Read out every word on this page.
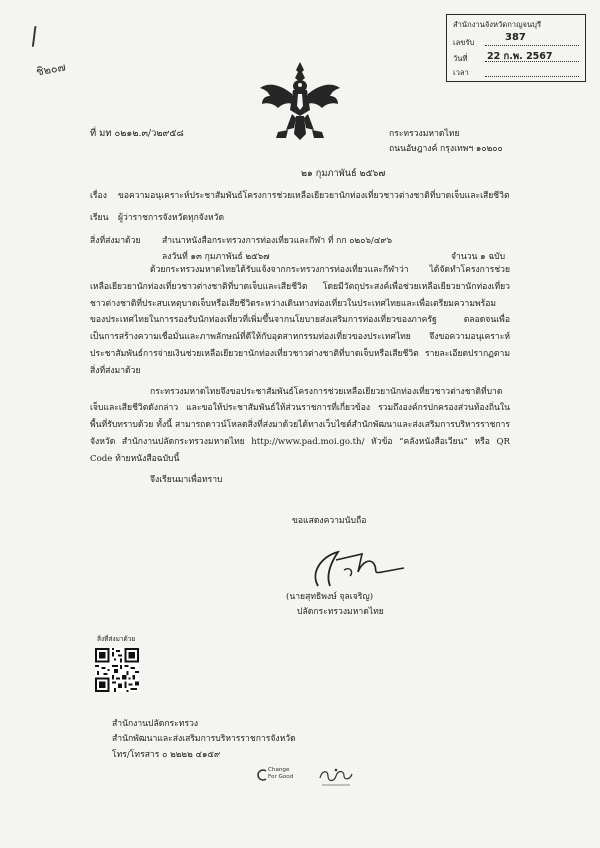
สำนักงานจังหวัดกาญจนบุรี
เลขรับ	387
วันที่ 22 ก.พ. 2567
เวลา
/
ชิ๒๐๗
ที่ มท ๐๒๑๒.๓/ว๒๙๕๘	กระทรวงมหาดไทย
ถนนอัษฎางค์ กรุงเทพฯ ๑๐๒๐๐
๒๑ กุมภาพันธ์ ๒๕๖๗
เรื่อง ขอความอนุเคราะห์ประชาสัมพันธ์โครงการช่วยเหลือเยียวยานักท่องเที่ยวชาวต่างชาติที่บาดเจ็บและเสียชีวิต
เรียน ผู้ว่าราชการจังหวัดทุกจังหวัด
สิ่งที่ส่งมาด้วย	สำเนาหนังสือกระทรวงการท่องเที่ยวและกีฬา ที่ กก ๐๒๐๖/๔๙๖
ลงวันที่ ๑๓ กุมภาพันธ์ ๒๕๖๗	จำนวน ๑ ฉบับ

ด้วยกระทรวงมหาดไทยได้รับแจ้งจากกระทรวงการท่องเที่ยวและกีฬาว่า ได้จัดทำโครงการช่วยเหลือเยียวยานักท่องเที่ยวชาวต่างชาติที่บาดเจ็บและเสียชีวิต โดยมีวัตถุประสงค์เพื่อช่วยเหลือเยียวยานักท่องเที่ยวชาวต่างชาติที่ประสบเหตุบาดเจ็บหรือเสียชีวิตระหว่างเดินทางท่องเที่ยวในประเทศไทยและเพื่อเตรียมความพร้อมของประเทศไทยในการรองรับนักท่องเที่ยวที่เพิ่มขึ้นจากนโยบายส่งเสริมการท่องเที่ยวของภาครัฐ ตลอดจนเพื่อเป็นการสร้างความเชื่อมั่นและภาพลักษณ์ที่ดีให้กับอุตสาหกรรมท่องเที่ยวของประเทศไทย จึงขอความอนุเคราะห์ประชาสัมพันธ์การจ่ายเงินช่วยเหลือเยียวยานักท่องเที่ยวชาวต่างชาติที่บาดเจ็บหรือเสียชีวิต รายละเอียดปรากฏตามสิ่งที่ส่งมาด้วย

กระทรวงมหาดไทยจึงขอประชาสัมพันธ์โครงการช่วยเหลือเยียวยานักท่องเที่ยวชาวต่างชาติที่บาดเจ็บและเสียชีวิตดังกล่าว และขอให้ประชาสัมพันธ์ให้ส่วนราชการที่เกี่ยวข้อง รวมถึงองค์กรปกครองส่วนท้องถิ่นในพื้นที่รับทราบด้วย ทั้งนี้ สามารถดาวน์โหลดสิ่งที่ส่งมาด้วยได้ทางเว็บไซต์สำนักพัฒนาและส่งเสริมการบริหารราชการจังหวัด สำนักงานปลัดกระทรวงมหาดไทย http://www.pad.moi.go.th/ หัวข้อ “คลังหนังสือเวียน” หรือ QR Code ท้ายหนังสือฉบับนี้

จึงเรียนมาเพื่อทราบ

ขอแสดงความนับถือ
(นายสุทธิพงษ์ จุลเจริญ)
ปลัดกระทรวงมหาดไทย
สิ่งที่ส่งมาด้วย
สำนักงานปลัดกระทรวง
สำนักพัฒนาและส่งเสริมการบริหารราชการจังหวัด
โทร/โทรสาร ๐ ๒๒๒๒ ๔๑๕๙
Change
For Good
